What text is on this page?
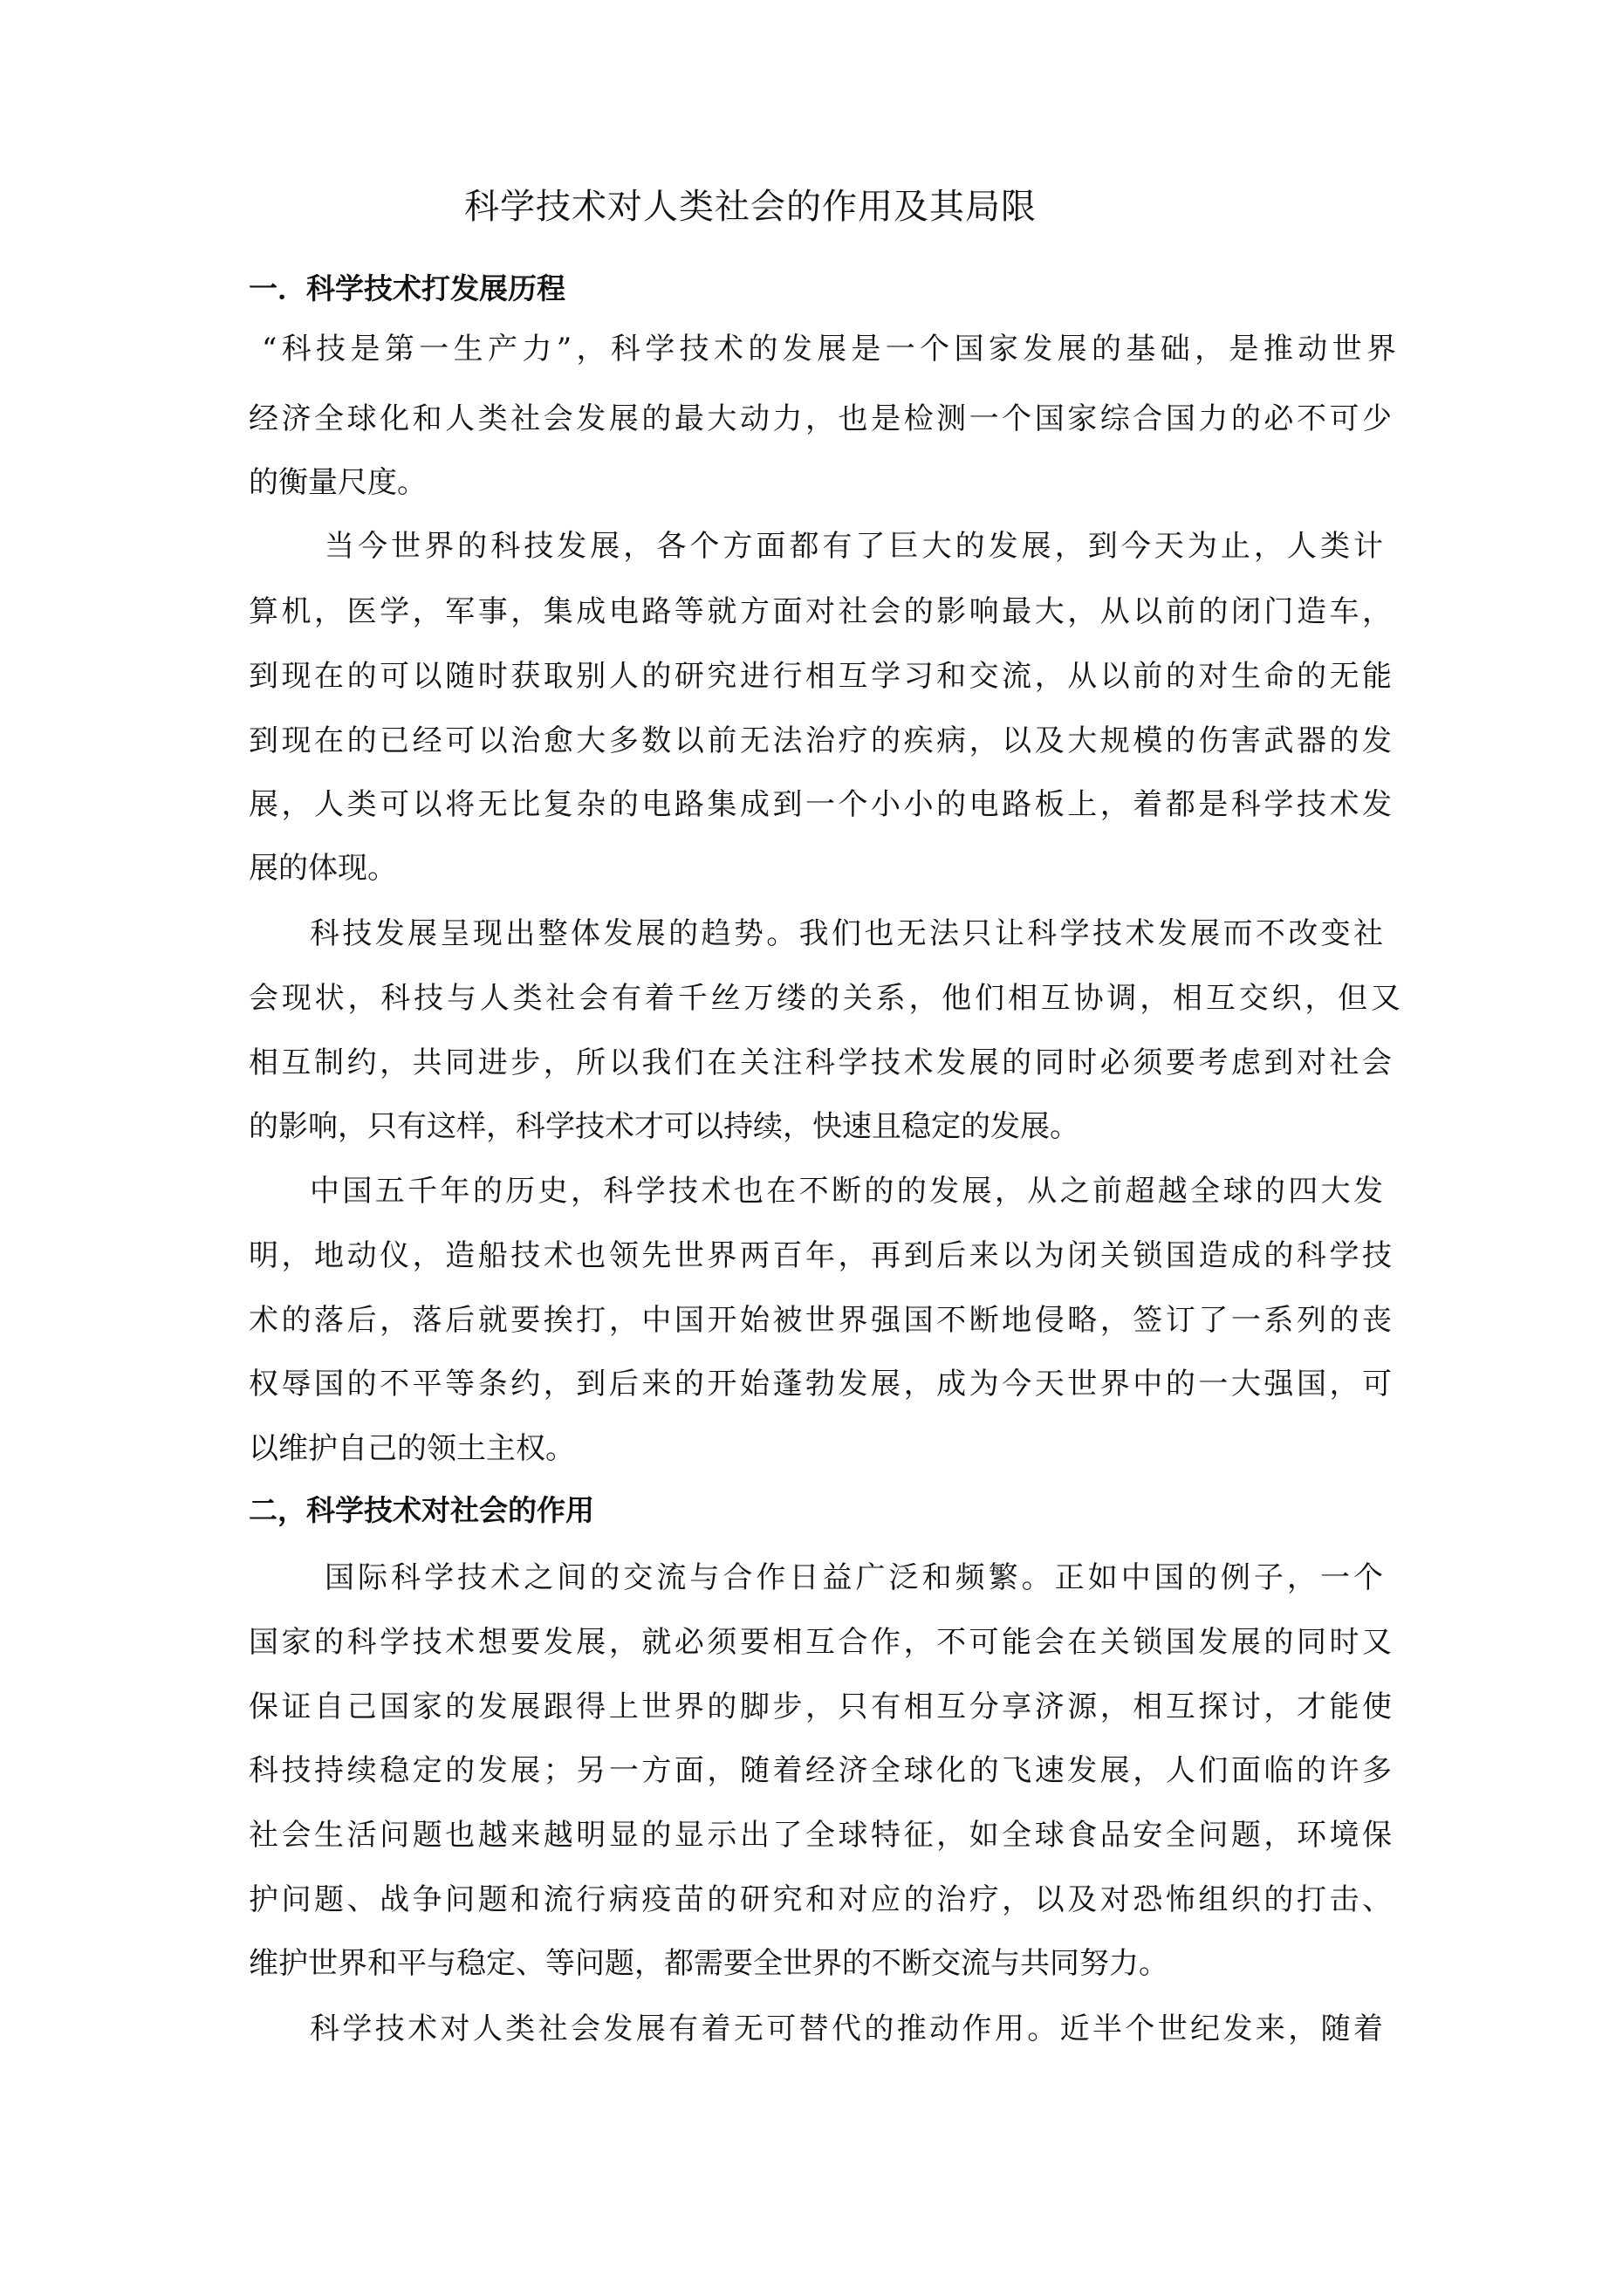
科学技术对人类社会的作用及其局限
一．科学技术打发展历程
“科技是第一生产力”，科学技术的发展是一个国家发展的基础，是推动世界
经济全球化和人类社会发展的最大动力，也是检测一个国家综合国力的必不可少
的衡量尺度。
当今世界的科技发展，各个方面都有了巨大的发展，到今天为止，人类计
算机，医学，军事，集成电路等就方面对社会的影响最大，从以前的闭门造车，
到现在的可以随时获取别人的研究进行相互学习和交流，从以前的对生命的无能
到现在的已经可以治愈大多数以前无法治疗的疾病，以及大规模的伤害武器的发
展，人类可以将无比复杂的电路集成到一个小小的电路板上，着都是科学技术发
展的体现。
科技发展呈现出整体发展的趋势。我们也无法只让科学技术发展而不改变社
会现状，科技与人类社会有着千丝万缕的关系，他们相互协调，相互交织，但又
相互制约，共同进步，所以我们在关注科学技术发展的同时必须要考虑到对社会
的影响，只有这样，科学技术才可以持续，快速且稳定的发展。
中国五千年的历史，科学技术也在不断的的发展，从之前超越全球的四大发
明，地动仪，造船技术也领先世界两百年，再到后来以为闭关锁国造成的科学技
术的落后，落后就要挨打，中国开始被世界强国不断地侵略，签订了一系列的丧
权辱国的不平等条约，到后来的开始蓬勃发展，成为今天世界中的一大强国，可
以维护自己的领土主权。
二，科学技术对社会的作用
国际科学技术之间的交流与合作日益广泛和频繁。正如中国的例子，一个
国家的科学技术想要发展，就必须要相互合作，不可能会在关锁国发展的同时又
保证自己国家的发展跟得上世界的脚步，只有相互分享济源，相互探讨，才能使
科技持续稳定的发展；另一方面，随着经济全球化的飞速发展，人们面临的许多
社会生活问题也越来越明显的显示出了全球特征，如全球食品安全问题，环境保
护问题、战争问题和流行病疫苗的研究和对应的治疗，以及对恐怖组织的打击、
维护世界和平与稳定、等问题，都需要全世界的不断交流与共同努力。
科学技术对人类社会发展有着无可替代的推动作用。近半个世纪发来，随着
